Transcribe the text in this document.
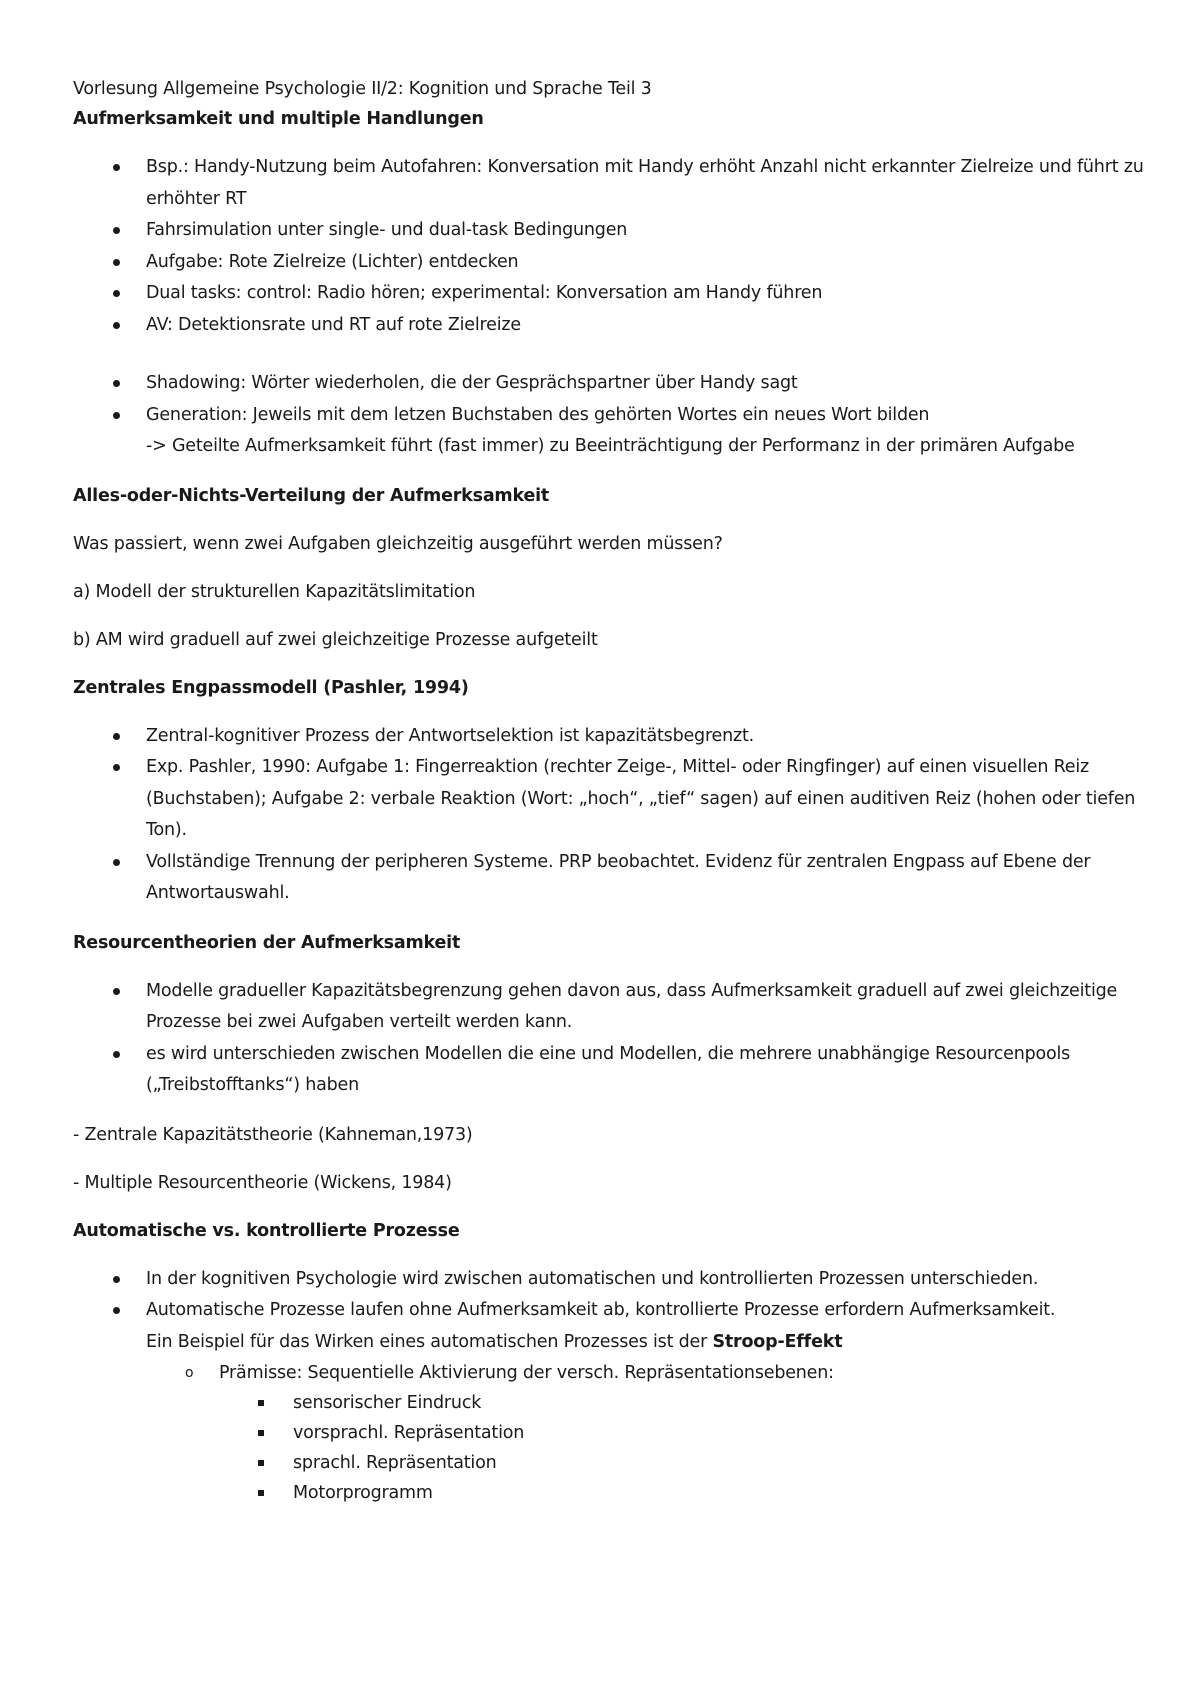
Vorlesung Allgemeine Psychologie II/2: Kognition und Sprache Teil 3

Aufmerksamkeit und multiple Handlungen

Bsp.: Handy-Nutzung beim Autofahren: Konversation mit Handy erhöht Anzahl nicht erkannter Zielreize und führt zu erhöhter RT
Fahrsimulation unter single- und dual-task Bedingungen
Aufgabe: Rote Zielreize (Lichter) entdecken
Dual tasks: control: Radio hören; experimental: Konversation am Handy führen
AV: Detektionsrate und RT auf rote Zielreize
Shadowing: Wörter wiederholen, die der Gesprächspartner über Handy sagt
Generation: Jeweils mit dem letzen Buchstaben des gehörten Wortes ein neues Wort bilden
-> Geteilte Aufmerksamkeit führt (fast immer) zu Beeinträchtigung der Performanz in der primären Aufgabe

Alles-oder-Nichts-Verteilung der Aufmerksamkeit

Was passiert, wenn zwei Aufgaben gleichzeitig ausgeführt werden müssen?

a) Modell der strukturellen Kapazitätslimitation

b) AM wird graduell auf zwei gleichzeitige Prozesse aufgeteilt

Zentrales Engpassmodell (Pashler, 1994)

Zentral-kognitiver Prozess der Antwortselektion ist kapazitätsbegrenzt.
Exp. Pashler, 1990: Aufgabe 1: Fingerreaktion (rechter Zeige-, Mittel- oder Ringfinger) auf einen visuellen Reiz (Buchstaben); Aufgabe 2: verbale Reaktion (Wort: „hoch“, „tief“ sagen) auf einen auditiven Reiz (hohen oder tiefen Ton).
Vollständige Trennung der peripheren Systeme. PRP beobachtet. Evidenz für zentralen Engpass auf Ebene der Antwortauswahl.

Resourcentheorien der Aufmerksamkeit

Modelle gradueller Kapazitätsbegrenzung gehen davon aus, dass Aufmerksamkeit graduell auf zwei gleichzeitige Prozesse bei zwei Aufgaben verteilt werden kann.
es wird unterschieden zwischen Modellen die eine und Modellen, die mehrere unabhängige Resourcenpools („Treibstofftanks“) haben

- Zentrale Kapazitätstheorie (Kahneman,1973)

- Multiple Resourcentheorie (Wickens, 1984)

Automatische vs. kontrollierte Prozesse

In der kognitiven Psychologie wird zwischen automatischen und kontrollierten Prozessen unterschieden.
Automatische Prozesse laufen ohne Aufmerksamkeit ab, kontrollierte Prozesse erfordern Aufmerksamkeit.
Ein Beispiel für das Wirken eines automatischen Prozesses ist der Stroop-Effekt
o Prämisse: Sequentielle Aktivierung der versch. Repräsentationsebenen:
sensorischer Eindruck
vorsprachl. Repräsentation
sprachl. Repräsentation
Motorprogramm
